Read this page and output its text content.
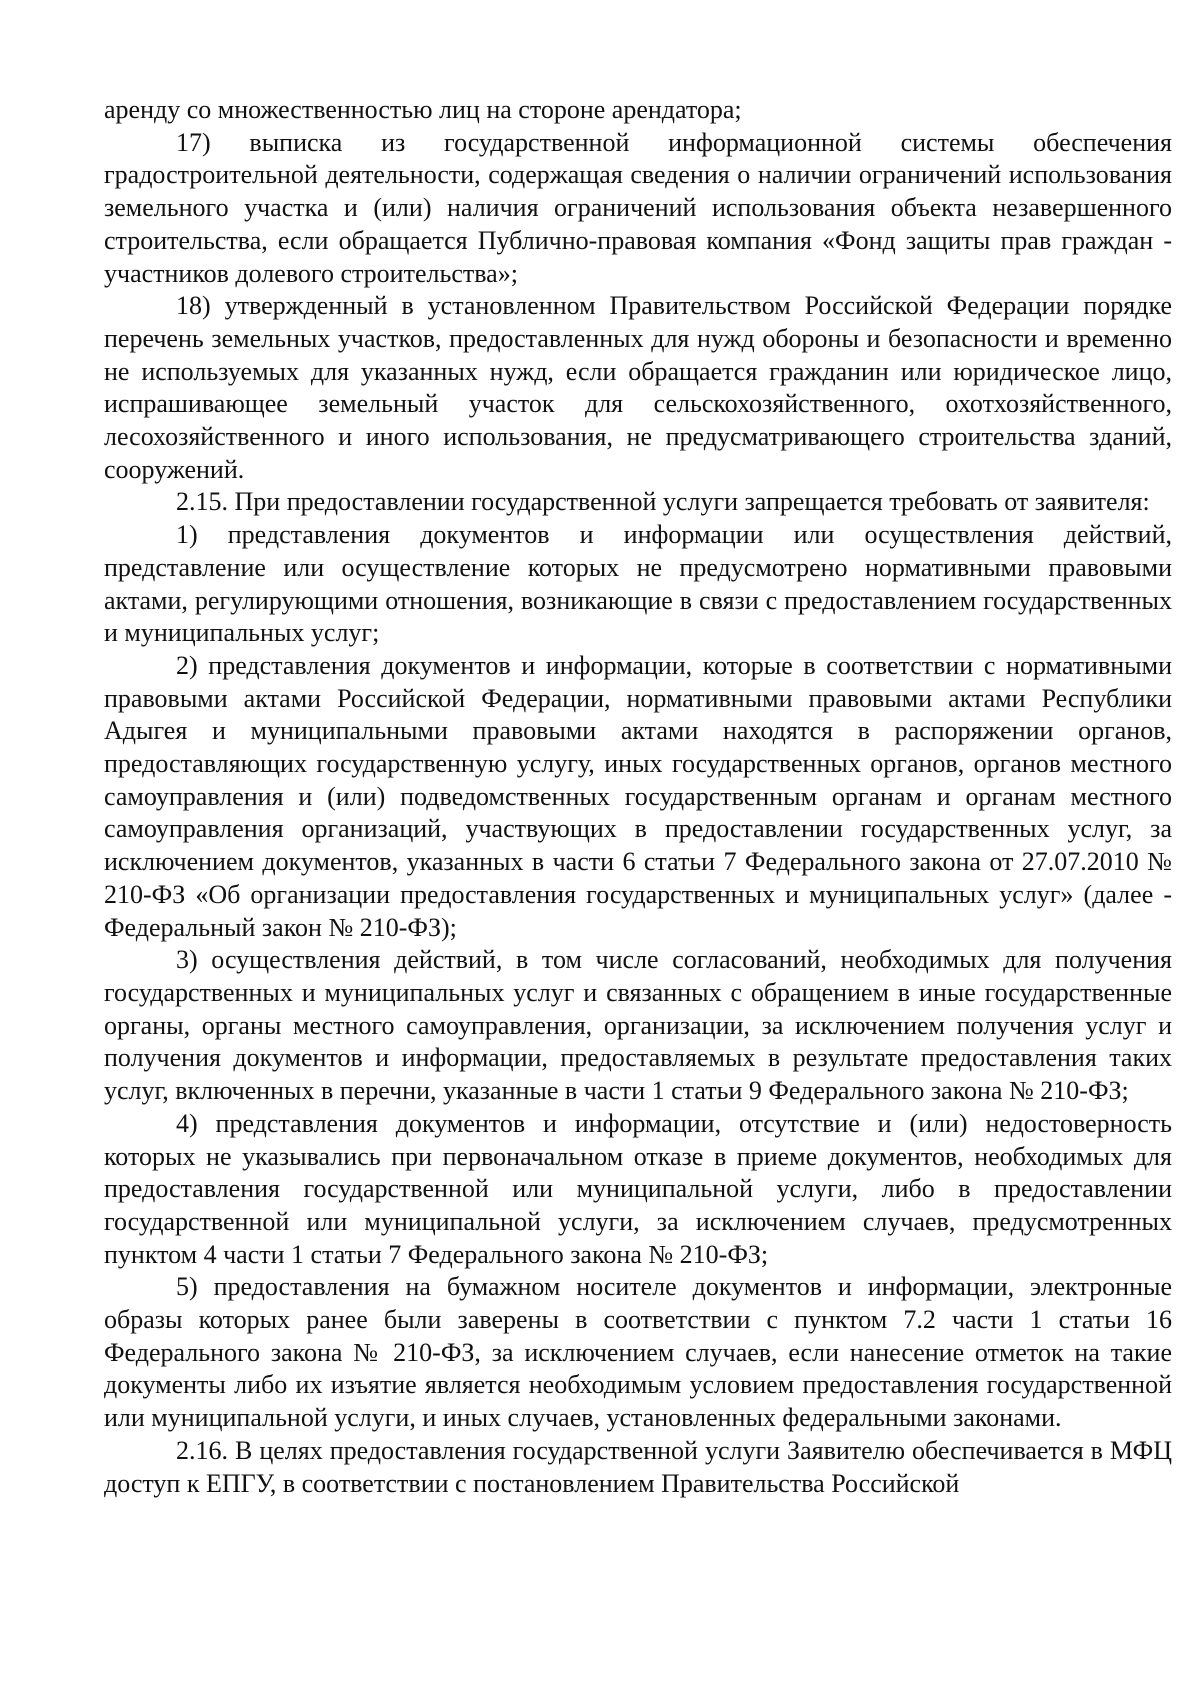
аренду со множественностью лиц на стороне арендатора;

17) выписка из государственной информационной системы обеспечения градостроительной деятельности, содержащая сведения о наличии ограничений использования земельного участка и (или) наличия ограничений использования объекта незавершенного строительства, если обращается Публично-правовая компания «Фонд защиты прав граждан - участников долевого строительства»;

18) утвержденный в установленном Правительством Российской Федерации порядке перечень земельных участков, предоставленных для нужд обороны и безопасности и временно не используемых для указанных нужд, если обращается гражданин или юридическое лицо, испрашивающее земельный участок для сельскохозяйственного, охотхозяйственного, лесохозяйственного и иного использования, не предусматривающего строительства зданий, сооружений.

2.15. При предоставлении государственной услуги запрещается требовать от заявителя:

1) представления документов и информации или осуществления действий, представление или осуществление которых не предусмотрено нормативными правовыми актами, регулирующими отношения, возникающие в связи с предоставлением государственных и муниципальных услуг;

2) представления документов и информации, которые в соответствии с нормативными правовыми актами Российской Федерации, нормативными правовыми актами Республики Адыгея и муниципальными правовыми актами находятся в распоряжении органов, предоставляющих государственную услугу, иных государственных органов, органов местного самоуправления и (или) подведомственных государственным органам и органам местного самоуправления организаций, участвующих в предоставлении государственных услуг, за исключением документов, указанных в части 6 статьи 7 Федерального закона от 27.07.2010 № 210-ФЗ «Об организации предоставления государственных и муниципальных услуг» (далее - Федеральный закон № 210-ФЗ);

3) осуществления действий, в том числе согласований, необходимых для получения государственных и муниципальных услуг и связанных с обращением в иные государственные органы, органы местного самоуправления, организации, за исключением получения услуг и получения документов и информации, предоставляемых в результате предоставления таких услуг, включенных в перечни, указанные в части 1 статьи 9 Федерального закона № 210-ФЗ;

4) представления документов и информации, отсутствие и (или) недостоверность которых не указывались при первоначальном отказе в приеме документов, необходимых для предоставления государственной или муниципальной услуги, либо в предоставлении государственной или муниципальной услуги, за исключением случаев, предусмотренных пунктом 4 части 1 статьи 7 Федерального закона № 210-ФЗ;

5) предоставления на бумажном носителе документов и информации, электронные образы которых ранее были заверены в соответствии с пунктом 7.2 части 1 статьи 16 Федерального закона № 210-ФЗ, за исключением случаев, если нанесение отметок на такие документы либо их изъятие является необходимым условием предоставления государственной или муниципальной услуги, и иных случаев, установленных федеральными законами.

2.16. В целях предоставления государственной услуги Заявителю обеспечивается в МФЦ доступ к ЕПГУ, в соответствии с постановлением Правительства Российской
